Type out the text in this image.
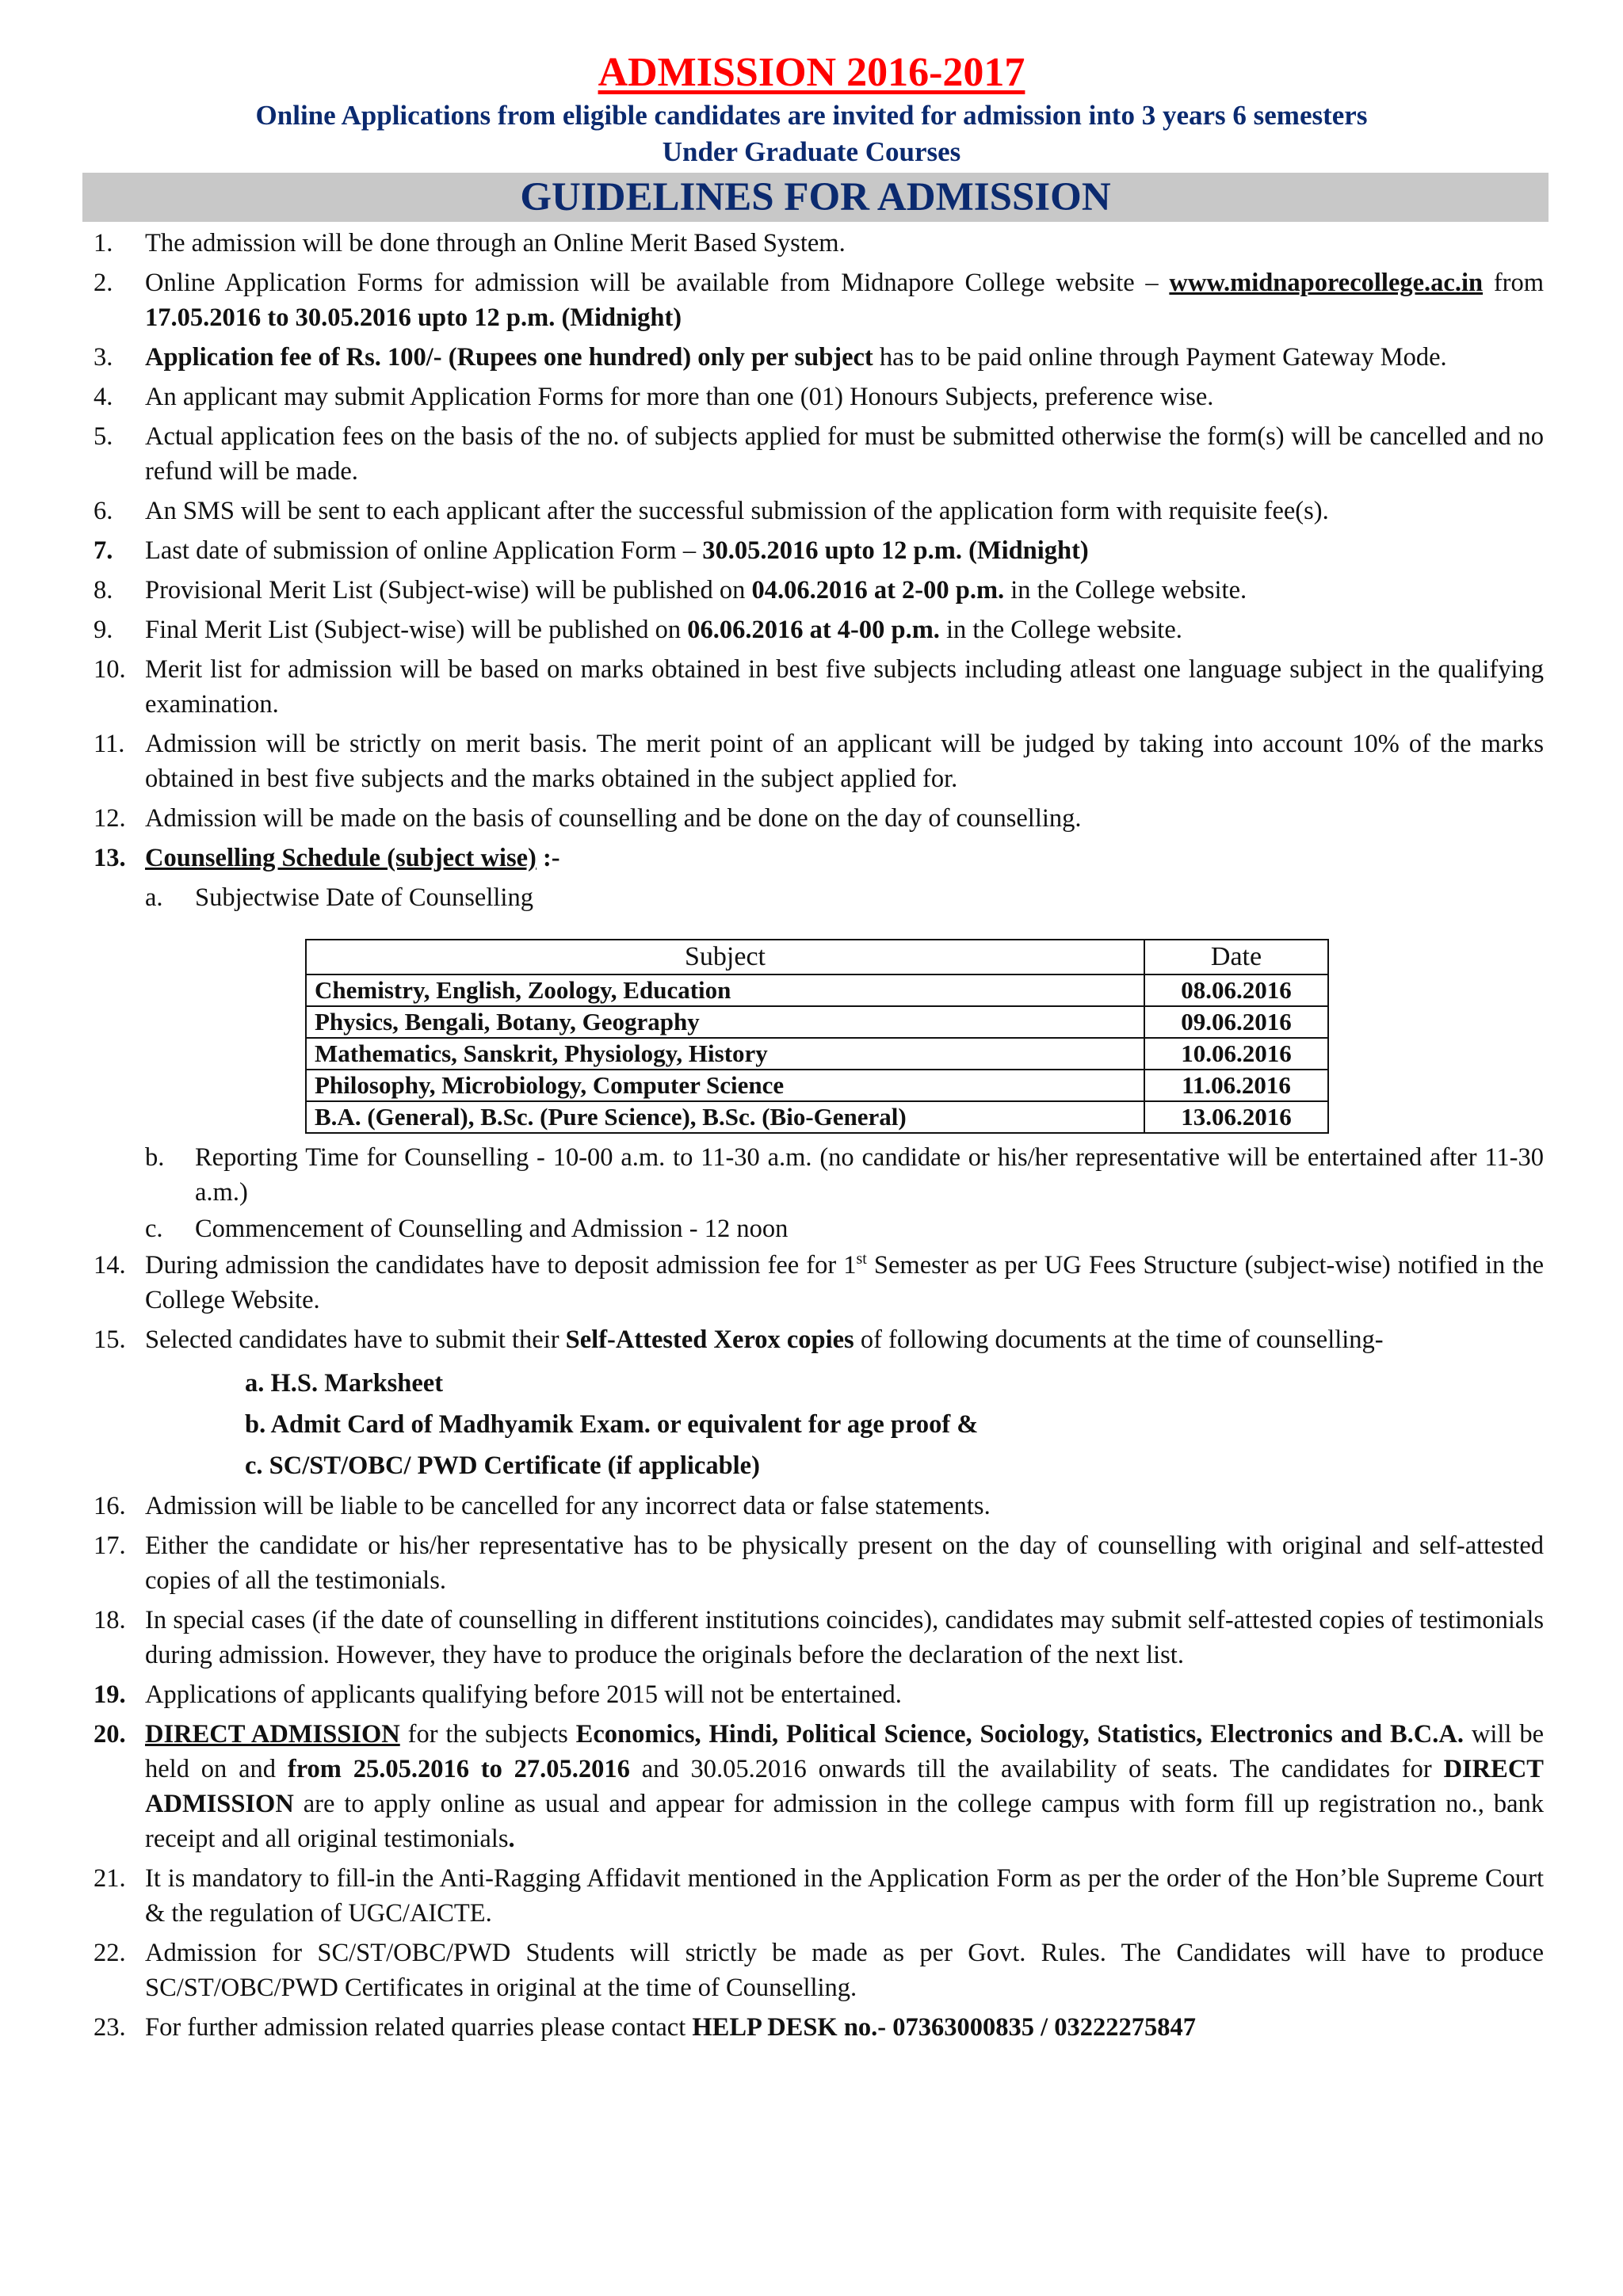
ADMISSION 2016-2017
Online Applications from eligible candidates are invited for admission into 3 years 6 semesters
Under Graduate Courses
GUIDELINES FOR ADMISSION
1.	The admission will be done through an Online Merit Based System.
2.	Online Application Forms for admission will be available from Midnapore College website – www.midnaporecollege.ac.in from 17.05.2016 to 30.05.2016 upto 12 p.m. (Midnight)
3.	Application fee of Rs. 100/- (Rupees one hundred) only per subject has to be paid online through Payment Gateway Mode.
4.	An applicant may submit Application Forms for more than one (01) Honours Subjects, preference wise.
5.	Actual application fees on the basis of the no. of subjects applied for must be submitted otherwise the form(s) will be cancelled and no refund will be made.
6.	An SMS will be sent to each applicant after the successful submission of the application form with requisite fee(s).
7.	Last date of submission of online Application Form – 30.05.2016 upto 12 p.m. (Midnight)
8.	Provisional Merit List (Subject-wise) will be published on 04.06.2016 at 2-00 p.m. in the College website.
9.	Final Merit List (Subject-wise) will be published on 06.06.2016 at 4-00 p.m. in the College website.
10. Merit list for admission will be based on marks obtained in best five subjects including atleast one language subject in the qualifying examination.
11. Admission will be strictly on merit basis. The merit point of an applicant will be judged by taking into account 10% of the marks obtained in best five subjects and the marks obtained in the subject applied for.
12. Admission will be made on the basis of counselling and be done on the day of counselling.
13. Counselling Schedule (subject wise) :-
a.	Subjectwise Date of Counselling
Subject	Date
Chemistry, English, Zoology, Education	08.06.2016
Physics, Bengali, Botany, Geography	09.06.2016
Mathematics, Sanskrit, Physiology, History	10.06.2016
Philosophy, Microbiology, Computer Science	11.06.2016
B.A. (General), B.Sc. (Pure Science), B.Sc. (Bio-General)	13.06.2016
b.	Reporting Time for Counselling - 10-00 a.m. to 11-30 a.m. (no candidate or his/her representative will be entertained after 11-30 a.m.)
c.	Commencement of Counselling and Admission - 12 noon
14. During admission the candidates have to deposit admission fee for 1st Semester as per UG Fees Structure (subject-wise) notified in the College Website.
15. Selected candidates have to submit their Self-Attested Xerox copies of following documents at the time of counselling-
a. H.S. Marksheet
b. Admit Card of Madhyamik Exam. or equivalent for age proof &
c. SC/ST/OBC/ PWD Certificate (if applicable)
16. Admission will be liable to be cancelled for any incorrect data or false statements.
17. Either the candidate or his/her representative has to be physically present on the day of counselling with original and self-attested copies of all the testimonials.
18. In special cases (if the date of counselling in different institutions coincides), candidates may submit self-attested copies of testimonials during admission. However, they have to produce the originals before the declaration of the next list.
19. Applications of applicants qualifying before 2015 will not be entertained.
20. DIRECT ADMISSION for the subjects Economics, Hindi, Political Science, Sociology, Statistics, Electronics and B.C.A. will be held on and from 25.05.2016 to 27.05.2016 and 30.05.2016 onwards till the availability of seats. The candidates for DIRECT ADMISSION are to apply online as usual and appear for admission in the college campus with form fill up registration no., bank receipt and all original testimonials.
21. It is mandatory to fill-in the Anti-Ragging Affidavit mentioned in the Application Form as per the order of the Hon’ble Supreme Court & the regulation of UGC/AICTE.
22. Admission for SC/ST/OBC/PWD Students will strictly be made as per Govt. Rules. The Candidates will have to produce SC/ST/OBC/PWD Certificates in original at the time of Counselling.
23. For further admission related quarries please contact HELP DESK no.- 07363000835 / 03222275847
